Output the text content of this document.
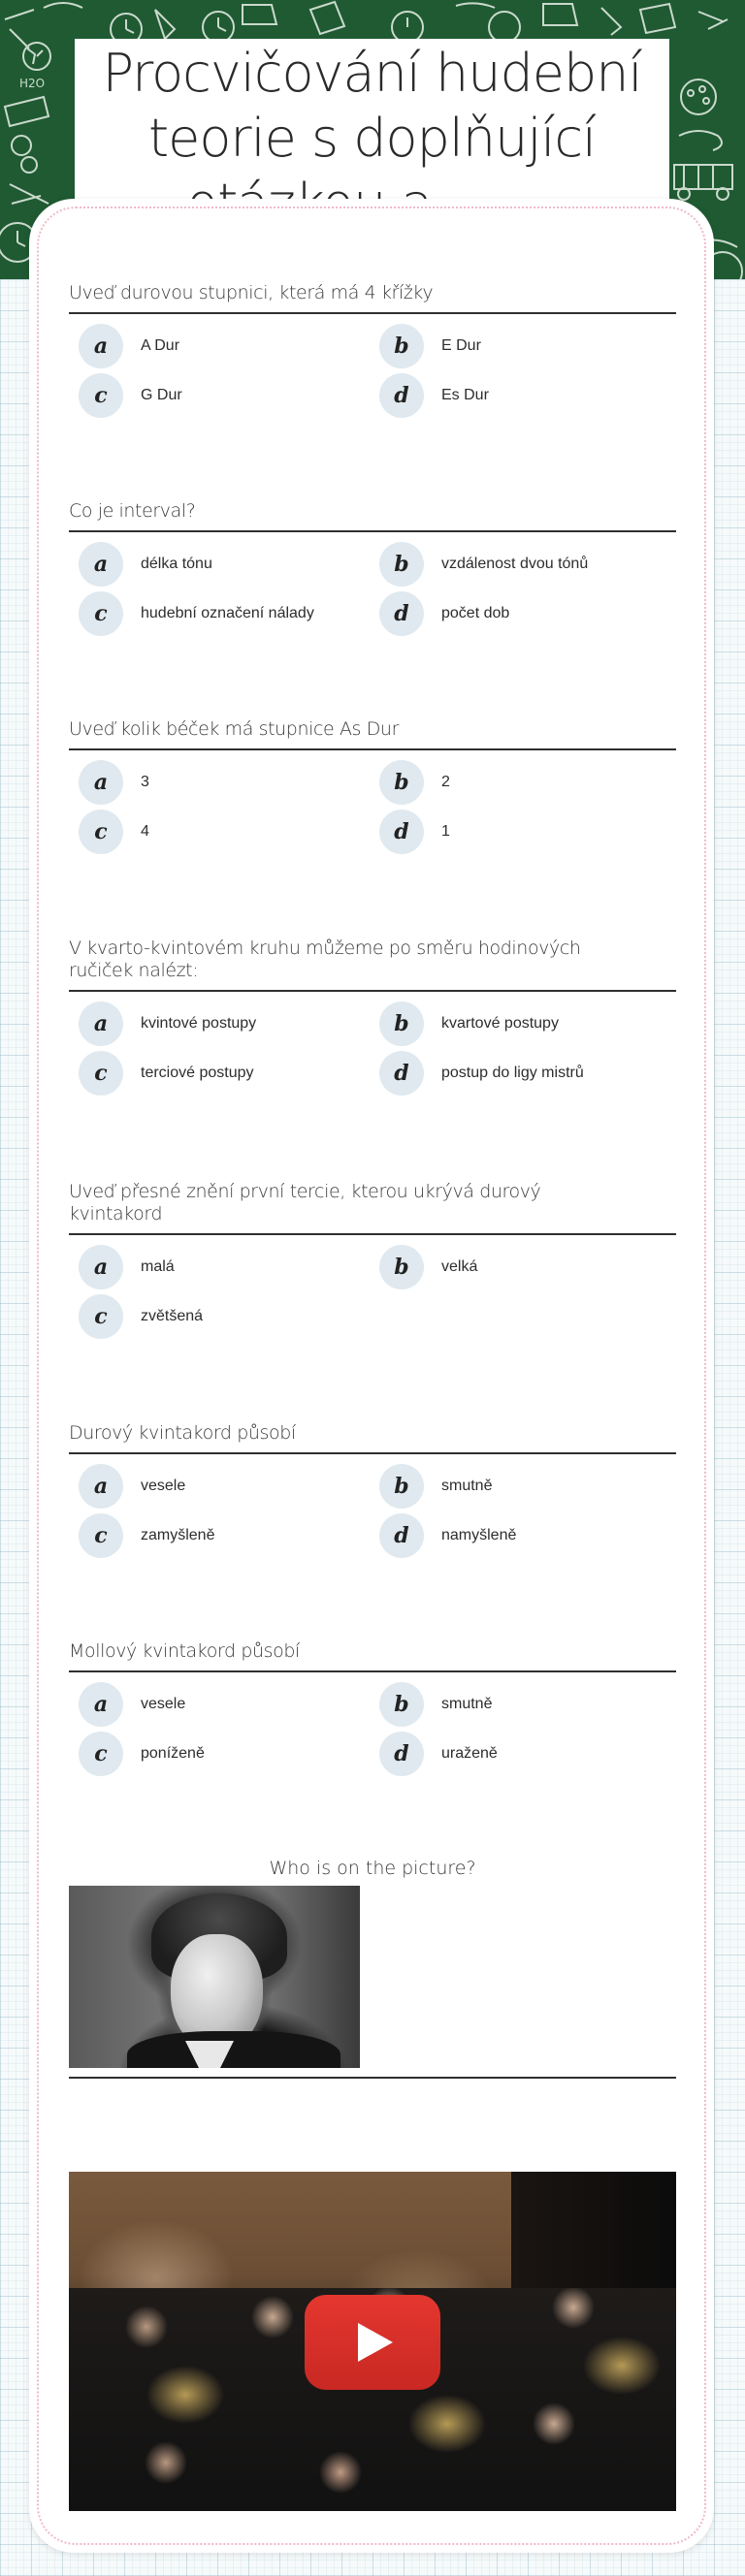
H2O Procvičování hudební
teorie s doplňující
Uveď durovou stupnici, která má 4 křížky
a	A Dur	b	E Dur
c	G Dur	d	Es Dur
Co je interval?
a	délka tónu	b	vzdálenost dvou tónů
c	hudební označení nálady	d	počet dob
Uveď kolik béček má stupnice As Dur
a	3	b	2
c	4	d	1
V kvarto-kvintovém kruhu můžeme po směru hodinových ručiček nalézt:
a	kvintové postupy	b	kvartové postupy
c	terciové postupy	d	postup do ligy mistrů
Uveď přesné znění první tercie, kterou ukrývá durový kvintakord
a	malá	b	velká
c	zvětšená
Durový kvintakord působí
a	vesele	b	smutně
c	zamyšleně	d	namyšleně
Mollový kvintakord působí
a	vesele	b	smutně
c	poníženě	d	uraženě
Who is on the picture?
